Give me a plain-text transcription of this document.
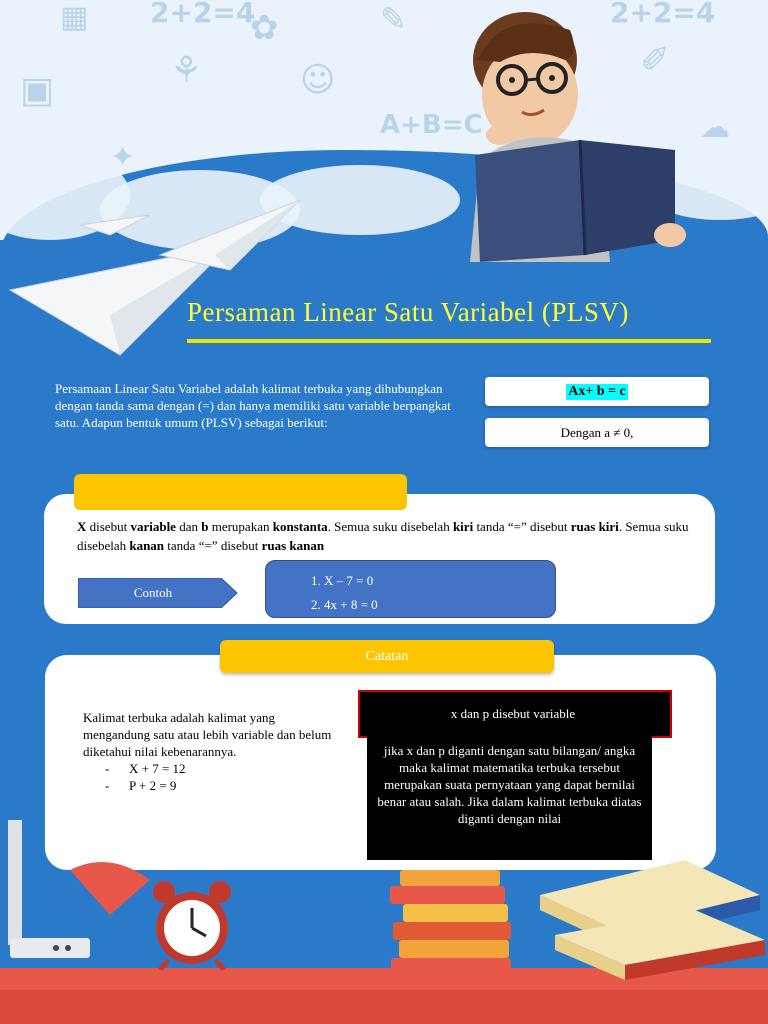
▦ 2+2=4
✿	✎	2+2=4
▣	⚘	☺
A+B=C
✐
☁
✦
Persaman Linear Satu Variabel (PLSV)
Persamaan Linear Satu Variabel adalah kalimat terbuka yang dihubungkan dengan tanda sama dengan (=) dan hanya memiliki satu variable berpangkat satu. Adapun bentuk umum (PLSV) sebagai berikut:
Ax+ b = c
Dengan a ≠ 0,
X disebut variable dan b merupakan konstanta. Semua suku disebelah kiri tanda “=” disebut ruas kiri. Semua suku disebelah kanan tanda “=” disebut ruas kanan
Contoh
1. X – 7 = 0
2. 4x + 8 = 0
Catatan
Kalimat terbuka adalah kalimat yang mengandung satu atau lebih variable dan belum diketahui nilai kebenarannya.
- X + 7 = 12
- P + 2 = 9
x dan p disebut variable
jika x dan p diganti dengan satu bilangan/ angka maka kalimat matematika terbuka tersebut merupakan suata pernyataan yang dapat bernilai benar atau salah. Jika dalam kalimat terbuka diatas diganti dengan nilai
